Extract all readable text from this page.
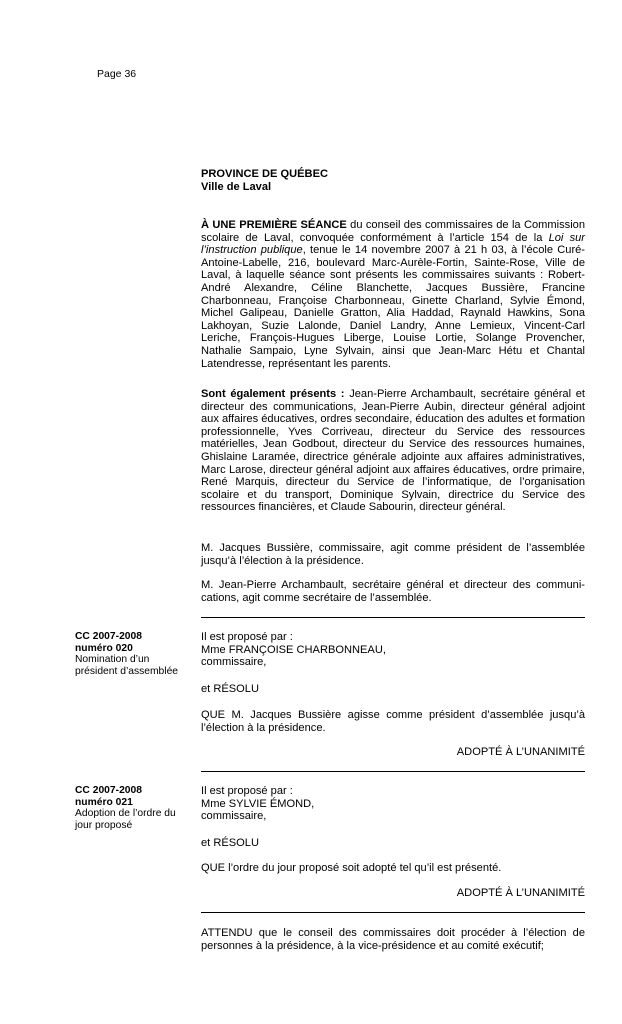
Page 36
PROVINCE DE QUÉBEC
Ville de Laval

À UNE PREMIÈRE SÉANCE du conseil des commissaires de la Commission scolaire de Laval, convoquée conformément à l’article 154 de la Loi sur l’instruction publique, tenue le 14 novembre 2007 à 21 h 03, à l’école Curé-Antoine-Labelle, 216, boulevard Marc-Aurèle-Fortin, Sainte-Rose, Ville de Laval, à laquelle séance sont présents les commissaires suivants : Robert-André Alexandre, Céline Blanchette, Jacques Bussière, Francine Charbonneau, Françoise Charbonneau, Ginette Charland, Sylvie Émond, Michel Galipeau, Danielle Gratton, Alia Haddad, Raynald Hawkins, Sona Lakhoyan, Suzie Lalonde, Daniel Landry, Anne Lemieux, Vincent-Carl Leriche, François-Hugues Liberge, Louise Lortie, Solange Provencher, Nathalie Sampaio, Lyne Sylvain, ainsi que Jean-Marc Hétu et Chantal Latendresse, représentant les parents.

Sont également présents : Jean-Pierre Archambault, secrétaire général et directeur des communications, Jean-Pierre Aubin, directeur général adjoint aux affaires éducatives, ordres secondaire, éducation des adultes et formation professionnelle, Yves Corriveau, directeur du Service des ressources matérielles, Jean Godbout, directeur du Service des ressources humaines, Ghislaine Laramée, directrice générale adjointe aux affaires administratives, Marc Larose, directeur général adjoint aux affaires éducatives, ordre primaire, René Marquis, directeur du Service de l’informatique, de l’organisation scolaire et du transport, Dominique Sylvain, directrice du Service des ressources financières, et Claude Sabourin, directeur général.

M. Jacques Bussière, commissaire, agit comme président de l’assemblée jusqu’à l’élection à la présidence.

M. Jean-Pierre Archambault, secrétaire général et directeur des communi-cations, agit comme secrétaire de l’assemblée.

CC 2007-2008
numéro 020
Nomination d’un président d’assemblée
Il est proposé par :
Mme FRANÇOISE CHARBONNEAU,
commissaire,
et RÉSOLU

QUE M. Jacques Bussière agisse comme président d’assemblée jusqu’à l’élection à la présidence.

ADOPTÉ À L’UNANIMITÉ
CC 2007-2008
numéro 021
Adoption de l’ordre du jour proposé
Il est proposé par :
Mme SYLVIE ÉMOND,
commissaire,
et RÉSOLU

QUE l’ordre du jour proposé soit adopté tel qu’il est présenté.

ADOPTÉ À L’UNANIMITÉ

ATTENDU que le conseil des commissaires doit procéder à l’élection de personnes à la présidence, à la vice-présidence et au comité exécutif;
